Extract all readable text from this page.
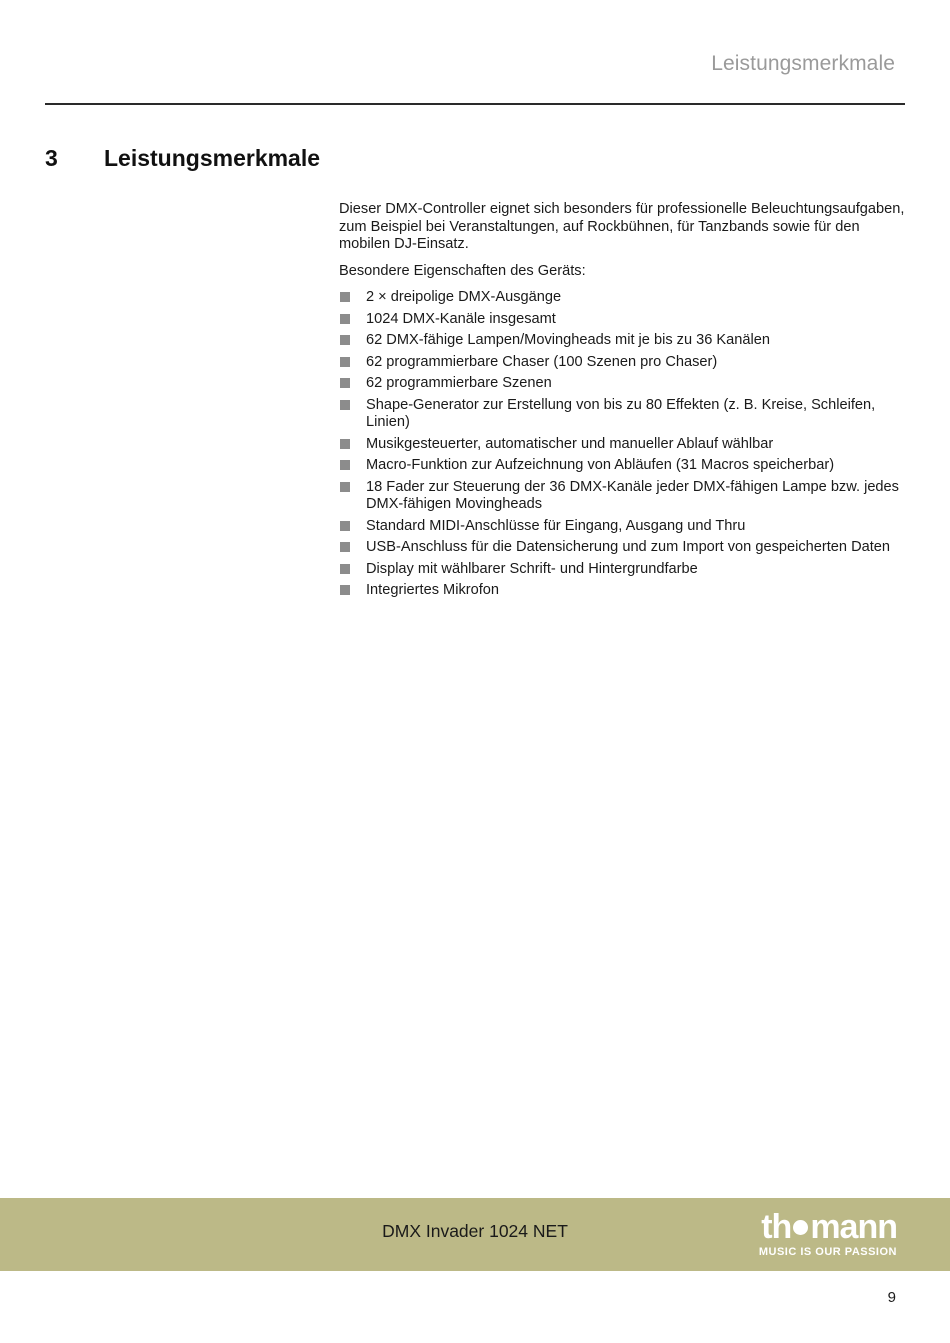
Leistungsmerkmale
3 Leistungsmerkmale

Dieser DMX-Controller eignet sich besonders für professionelle Beleuchtungsaufgaben, zum Beispiel bei Veranstaltungen, auf Rockbühnen, für Tanzbands sowie für den mobilen DJ-Einsatz.

Besondere Eigenschaften des Geräts:

2 × dreipolige DMX-Ausgänge
1024 DMX-Kanäle insgesamt
62 DMX-fähige Lampen/Movingheads mit je bis zu 36 Kanälen
62 programmierbare Chaser (100 Szenen pro Chaser)
62 programmierbare Szenen
Shape-Generator zur Erstellung von bis zu 80 Effekten (z. B. Kreise, Schleifen, Linien)
Musikgesteuerter, automatischer und manueller Ablauf wählbar
Macro-Funktion zur Aufzeichnung von Abläufen (31 Macros speicherbar)
18 Fader zur Steuerung der 36 DMX-Kanäle jeder DMX-fähigen Lampe bzw. jedes DMX-fähigen Movingheads
Standard MIDI-Anschlüsse für Eingang, Ausgang und Thru
USB-Anschluss für die Datensicherung und zum Import von gespeicherten Daten
Display mit wählbarer Schrift- und Hintergrundfarbe
Integriertes Mikrofon
DMX Invader 1024 NET	th mann
MUSIC IS OUR PASSION
9
